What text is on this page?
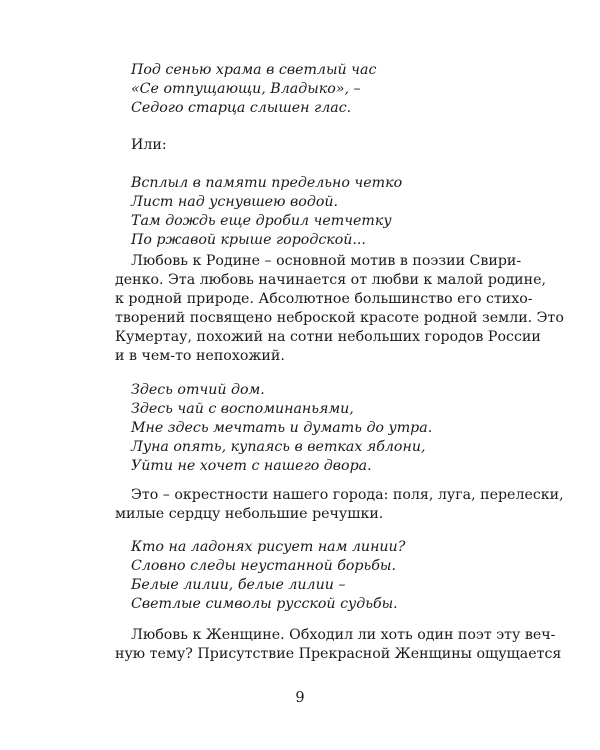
Под сенью храма в светлый час
«Се отпущающи, Владыко», –
Седого старца слышен глас.
Или:
Всплыл в памяти предельно четко
Лист над уснувшею водой.
Там дождь еще дробил четчетку
По ржавой крыше городской...
Любовь к Родине – основной мотив в поэзии Свири-
денко. Эта любовь начинается от любви к малой родине,
к родной природе. Абсолютное большинство его стихо-
творений посвящено неброской красоте родной земли. Это
Кумертау, похожий на сотни небольших городов России
и в чем-то непохожий.
Здесь отчий дом.
Здесь чай с воспоминаньями,
Мне здесь мечтать и думать до утра.
Луна опять, купаясь в ветках яблони,
Уйти не хочет с нашего двора.
Это – окрестности нашего города: поля, луга, перелески,
милые сердцу небольшие речушки.
Кто на ладонях рисует нам линии?
Словно следы неустанной борьбы.
Белые лилии, белые лилии –
Светлые символы русской судьбы.
Любовь к Женщине. Обходил ли хоть один поэт эту веч-
ную тему? Присутствие Прекрасной Женщины ощущается
9
